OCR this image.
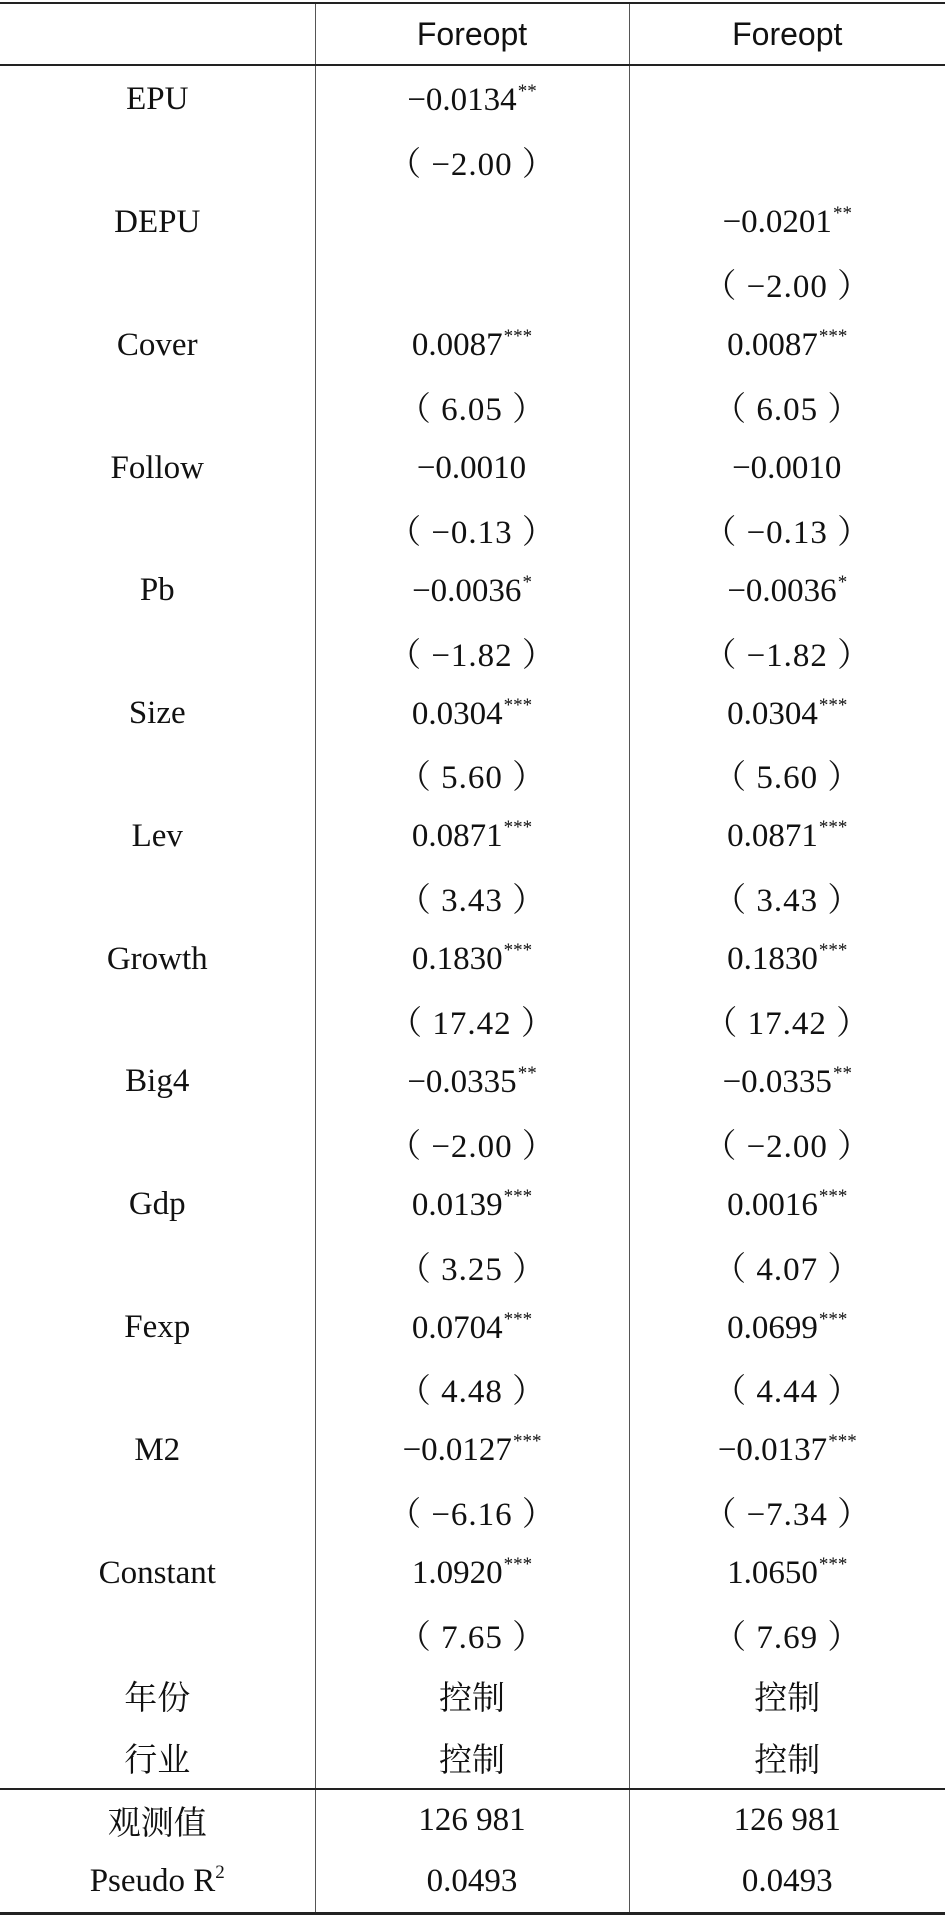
	Foreopt	Foreopt
EPU	−0.0134**	
	（ −2.00 ）	
DEPU		−0.0201**
		（ −2.00 ）
Cover	0.0087***	0.0087***
	（ 6.05 ）	（ 6.05 ）
Follow	−0.0010	−0.0010
	（ −0.13 ）	（ −0.13 ）
Pb	−0.0036*	−0.0036*
	（ −1.82 ）	（ −1.82 ）
Size	0.0304***	0.0304***
	（ 5.60 ）	（ 5.60 ）
Lev	0.0871***	0.0871***
	（ 3.43 ）	（ 3.43 ）
Growth	0.1830***	0.1830***
	（ 17.42 ）	（ 17.42 ）
Big4	−0.0335**	−0.0335**
	（ −2.00 ）	（ −2.00 ）
Gdp	0.0139***	0.0016***
	（ 3.25 ）	（ 4.07 ）
Fexp	0.0704***	0.0699***
	（ 4.48 ）	（ 4.44 ）
M2	−0.0127***	−0.0137***
	（ −6.16 ）	（ −7.34 ）
Constant	1.0920***	1.0650***
	（ 7.65 ）	（ 7.69 ）
年份	控制	控制
行业	控制	控制
观测值	126 981	126 981
Pseudo $R^2$	0.0493	0.0493
